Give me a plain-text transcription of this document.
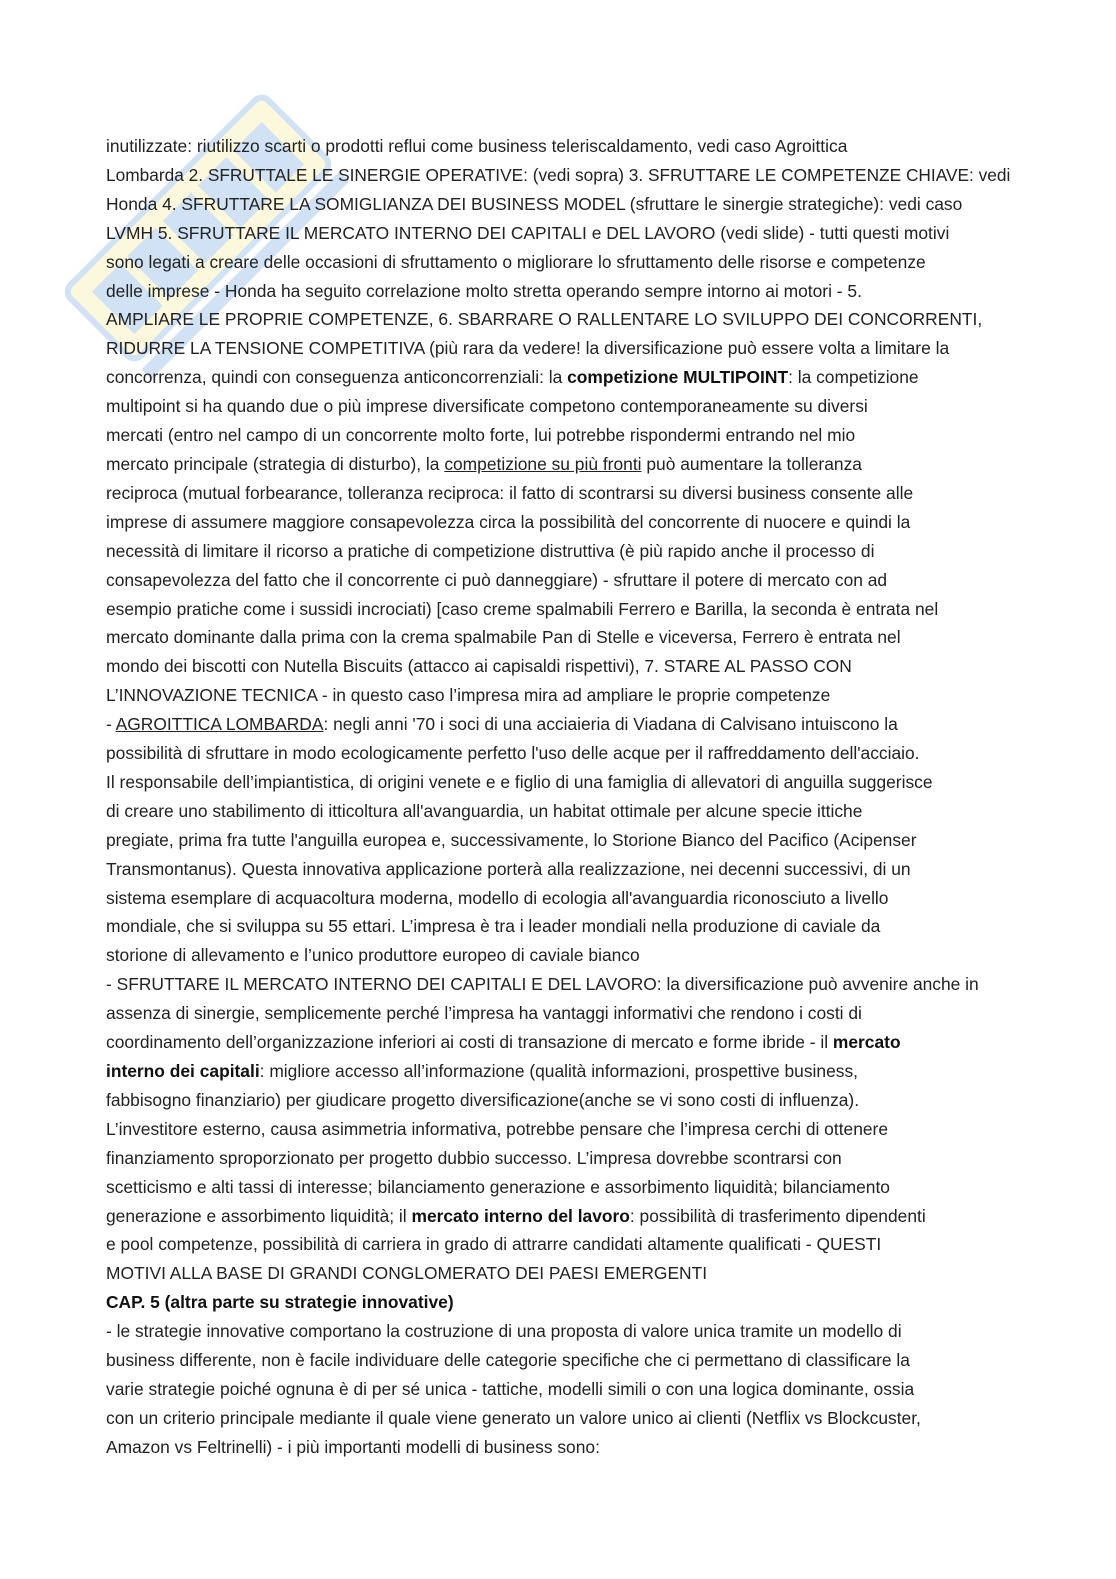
inutilizzate: riutilizzo scarti o prodotti reflui come business teleriscaldamento, vedi caso Agroittica
Lombarda 2. SFRUTTALE LE SINERGIE OPERATIVE: (vedi sopra) 3. SFRUTTARE LE COMPETENZE CHIAVE: vedi
Honda 4. SFRUTTARE LA SOMIGLIANZA DEI BUSINESS MODEL (sfruttare le sinergie strategiche): vedi caso
LVMH 5. SFRUTTARE IL MERCATO INTERNO DEI CAPITALI e DEL LAVORO (vedi slide) - tutti questi motivi
sono legati a creare delle occasioni di sfruttamento o migliorare lo sfruttamento delle risorse e competenze
delle imprese - Honda ha seguito correlazione molto stretta operando sempre intorno ai motori - 5.
AMPLIARE LE PROPRIE COMPETENZE, 6. SBARRARE O RALLENTARE LO SVILUPPO DEI CONCORRENTI,
RIDURRE LA TENSIONE COMPETITIVA (più rara da vedere! la diversificazione può essere volta a limitare la
concorrenza, quindi con conseguenza anticoncorrenziali: la competizione MULTIPOINT: la competizione
multipoint si ha quando due o più imprese diversificate competono contemporaneamente su diversi
mercati (entro nel campo di un concorrente molto forte, lui potrebbe rispondermi entrando nel mio
mercato principale (strategia di disturbo), la competizione su più fronti può aumentare la tolleranza
reciproca (mutual forbearance, tolleranza reciproca: il fatto di scontrarsi su diversi business consente alle
imprese di assumere maggiore consapevolezza circa la possibilità del concorrente di nuocere e quindi la
necessità di limitare il ricorso a pratiche di competizione distruttiva (è più rapido anche il processo di
consapevolezza del fatto che il concorrente ci può danneggiare) - sfruttare il potere di mercato con ad
esempio pratiche come i sussidi incrociati) [caso creme spalmabili Ferrero e Barilla, la seconda è entrata nel
mercato dominante dalla prima con la crema spalmabile Pan di Stelle e viceversa, Ferrero è entrata nel
mondo dei biscotti con Nutella Biscuits (attacco ai capisaldi rispettivi), 7. STARE AL PASSO CON
L’INNOVAZIONE TECNICA - in questo caso l’impresa mira ad ampliare le proprie competenze
- AGROITTICA LOMBARDA: negli anni '70 i soci di una acciaieria di Viadana di Calvisano intuiscono la
possibilità di sfruttare in modo ecologicamente perfetto l'uso delle acque per il raffreddamento dell'acciaio.
Il responsabile dell’impiantistica, di origini venete e e figlio di una famiglia di allevatori di anguilla suggerisce
di creare uno stabilimento di itticoltura all'avanguardia, un habitat ottimale per alcune specie ittiche
pregiate, prima fra tutte l'anguilla europea e, successivamente, lo Storione Bianco del Pacifico (Acipenser
Transmontanus). Questa innovativa applicazione porterà alla realizzazione, nei decenni successivi, di un
sistema esemplare di acquacoltura moderna, modello di ecologia all'avanguardia riconosciuto a livello
mondiale, che si sviluppa su 55 ettari. L’impresa è tra i leader mondiali nella produzione di caviale da
storione di allevamento e l’unico produttore europeo di caviale bianco
- SFRUTTARE IL MERCATO INTERNO DEI CAPITALI E DEL LAVORO: la diversificazione può avvenire anche in
assenza di sinergie, semplicemente perché l’impresa ha vantaggi informativi che rendono i costi di
coordinamento dell’organizzazione inferiori ai costi di transazione di mercato e forme ibride - il mercato
interno dei capitali: migliore accesso all’informazione (qualità informazioni, prospettive business,
fabbisogno finanziario) per giudicare progetto diversificazione(anche se vi sono costi di influenza).
L’investitore esterno, causa asimmetria informativa, potrebbe pensare che l’impresa cerchi di ottenere
finanziamento sproporzionato per progetto dubbio successo. L’impresa dovrebbe scontrarsi con
scetticismo e alti tassi di interesse; bilanciamento generazione e assorbimento liquidità; bilanciamento
generazione e assorbimento liquidità; il mercato interno del lavoro: possibilità di trasferimento dipendenti
e pool competenze, possibilità di carriera in grado di attrarre candidati altamente qualificati - QUESTI
MOTIVI ALLA BASE DI GRANDI CONGLOMERATO DEI PAESI EMERGENTI
CAP. 5 (altra parte su strategie innovative)
- le strategie innovative comportano la costruzione di una proposta di valore unica tramite un modello di
business differente, non è facile individuare delle categorie specifiche che ci permettano di classificare la
varie strategie poiché ognuna è di per sé unica - tattiche, modelli simili o con una logica dominante, ossia
con un criterio principale mediante il quale viene generato un valore unico ai clienti (Netflix vs Blockcuster,
Amazon vs Feltrinelli) - i più importanti modelli di business sono:
